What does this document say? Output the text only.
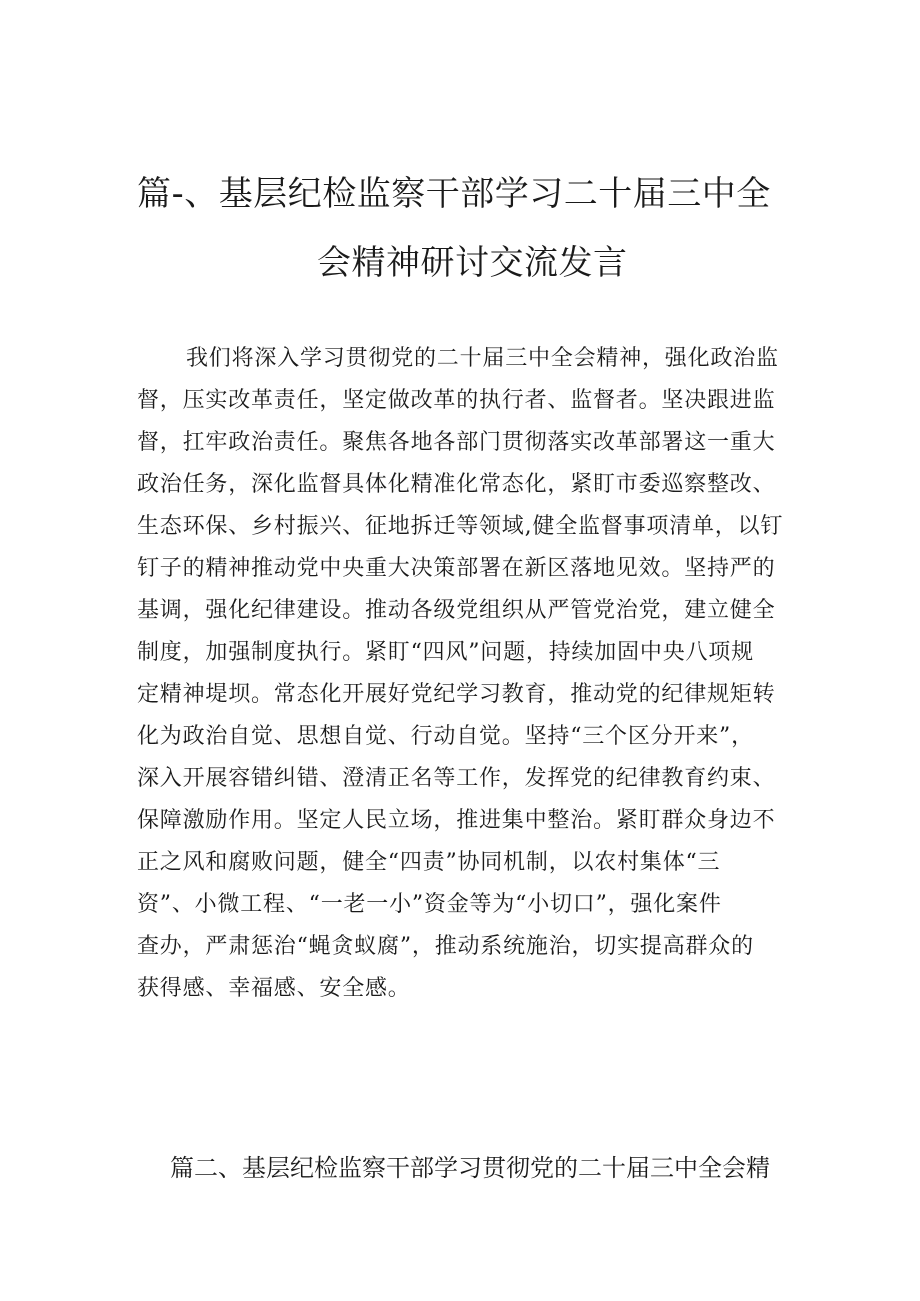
篇-、基层纪检监察干部学习二十届三中全
会精神研讨交流发言
我们将深入学习贯彻党的二十届三中全会精神，强化政治监
督，压实改革责任，坚定做改革的执行者、监督者。坚决跟进监
督，扛牢政治责任。聚焦各地各部门贯彻落实改革部署这一重大
政治任务，深化监督具体化精准化常态化，紧盯市委巡察整改、
生态环保、乡村振兴、征地拆迁等领域,健全监督事项清单，以钉
钉子的精神推动党中央重大决策部署在新区落地见效。坚持严的
基调，强化纪律建设。推动各级党组织从严管党治党，建立健全
制度，加强制度执行。紧盯“四风”问题，持续加固中央八项规
定精神堤坝。常态化开展好党纪学习教育，推动党的纪律规矩转
化为政治自觉、思想自觉、行动自觉。坚持“三个区分开来”，
深入开展容错纠错、澄清正名等工作，发挥党的纪律教育约束、
保障激励作用。坚定人民立场，推进集中整治。紧盯群众身边不
正之风和腐败问题，健全“四责”协同机制，以农村集体“三
资”、小微工程、“一老一小”资金等为“小切口”，强化案件
查办，严肃惩治“蝇贪蚁腐”，推动系统施治，切实提高群众的
获得感、幸福感、安全感。
篇二、基层纪检监察干部学习贯彻党的二十届三中全会精
